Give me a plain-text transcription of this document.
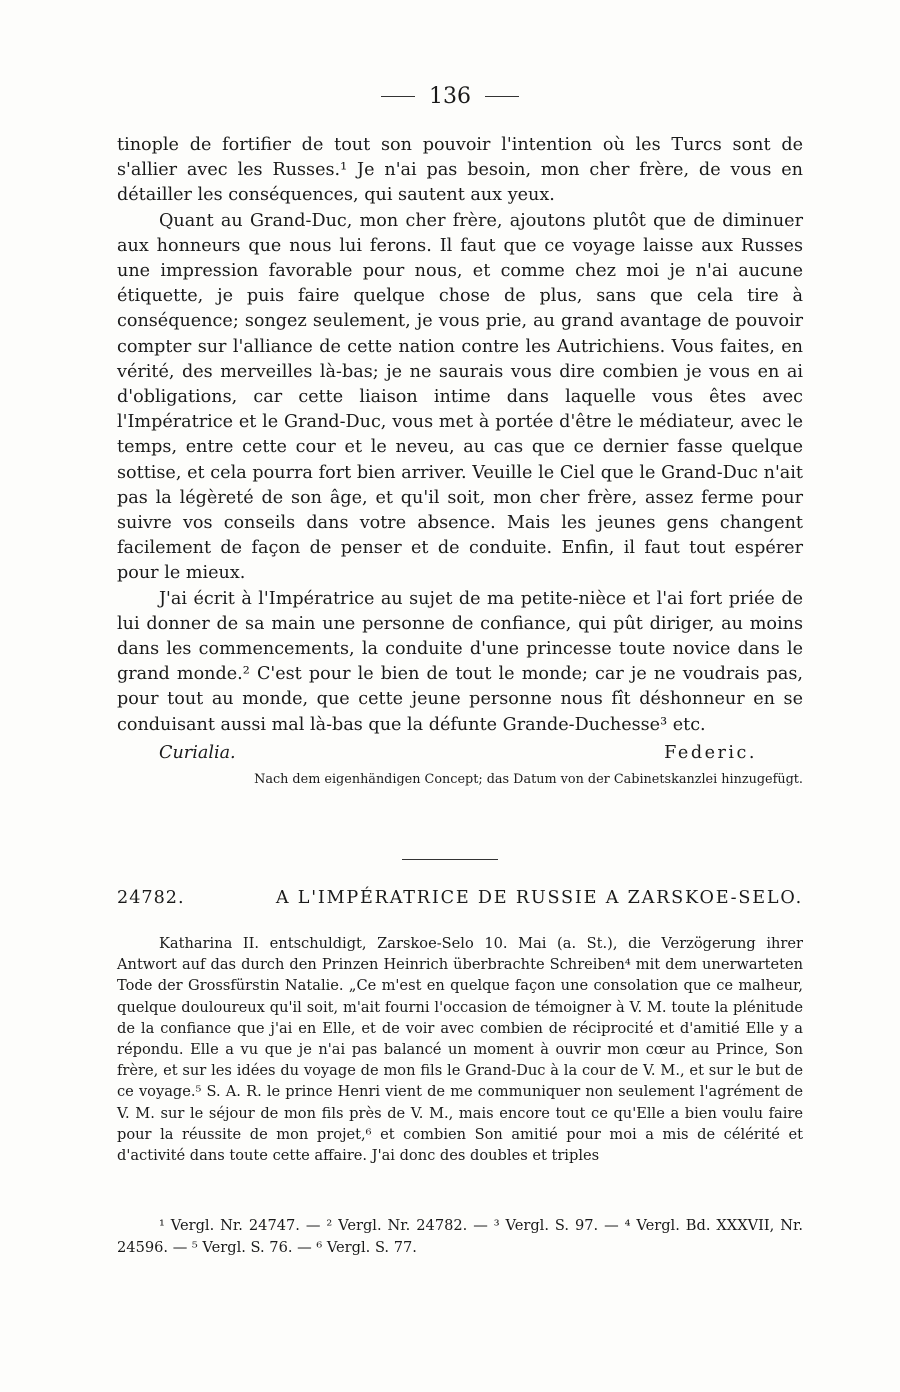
136

tinople de fortifier de tout son pouvoir l'intention où les Turcs sont de s'allier avec les Russes.¹ Je n'ai pas besoin, mon cher frère, de vous en détailler les conséquences, qui sautent aux yeux.

Quant au Grand-Duc, mon cher frère, ajoutons plutôt que de diminuer aux honneurs que nous lui ferons. Il faut que ce voyage laisse aux Russes une impression favorable pour nous, et comme chez moi je n'ai aucune étiquette, je puis faire quelque chose de plus, sans que cela tire à conséquence; songez seulement, je vous prie, au grand avantage de pouvoir compter sur l'alliance de cette nation contre les Autrichiens. Vous faites, en vérité, des merveilles là-bas; je ne saurais vous dire combien je vous en ai d'obligations, car cette liaison intime dans laquelle vous êtes avec l'Impératrice et le Grand-Duc, vous met à portée d'être le médiateur, avec le temps, entre cette cour et le neveu, au cas que ce dernier fasse quelque sottise, et cela pourra fort bien arriver. Veuille le Ciel que le Grand-Duc n'ait pas la légèreté de son âge, et qu'il soit, mon cher frère, assez ferme pour suivre vos conseils dans votre absence. Mais les jeunes gens changent facilement de façon de penser et de conduite. Enfin, il faut tout espérer pour le mieux.

J'ai écrit à l'Impératrice au sujet de ma petite-nièce et l'ai fort priée de lui donner de sa main une personne de confiance, qui pût diriger, au moins dans les commencements, la conduite d'une princesse toute novice dans le grand monde.² C'est pour le bien de tout le monde; car je ne voudrais pas, pour tout au monde, que cette jeune personne nous fît déshonneur en se conduisant aussi mal là-bas que la défunte Grande-Duchesse³ etc.

Curialia.	Federic.
Nach dem eigenhändigen Concept; das Datum von der Cabinetskanzlei hinzugefügt.
24782.	A L'IMPÉRATRICE DE RUSSIE A ZARSKOE-SELO.

Katharina II. entschuldigt, Zarskoe-Selo 10. Mai (a. St.), die Verzögerung ihrer Antwort auf das durch den Prinzen Heinrich überbrachte Schreiben⁴ mit dem unerwarteten Tode der Grossfürstin Natalie. „Ce m'est en quelque façon une consolation que ce malheur, quelque douloureux qu'il soit, m'ait fourni l'occasion de témoigner à V. M. toute la plénitude de la confiance que j'ai en Elle, et de voir avec combien de réciprocité et d'amitié Elle y a répondu. Elle a vu que je n'ai pas balancé un moment à ouvrir mon cœur au Prince, Son frère, et sur les idées du voyage de mon fils le Grand-Duc à la cour de V. M., et sur le but de ce voyage.⁵ S. A. R. le prince Henri vient de me communiquer non seulement l'agrément de V. M. sur le séjour de mon fils près de V. M., mais encore tout ce qu'Elle a bien voulu faire pour la réussite de mon projet,⁶ et combien Son amitié pour moi a mis de célérité et d'activité dans toute cette affaire. J'ai donc des doubles et triples

¹ Vergl. Nr. 24747. — ² Vergl. Nr. 24782. — ³ Vergl. S. 97. — ⁴ Vergl. Bd. XXXVII, Nr. 24596. — ⁵ Vergl. S. 76. — ⁶ Vergl. S. 77.
